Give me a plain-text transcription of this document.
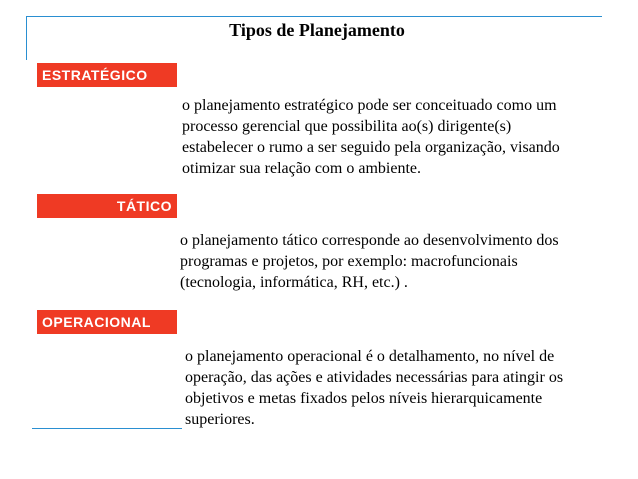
Tipos de Planejamento
ESTRATÉGICO
o planejamento estratégico pode ser conceituado como um
processo gerencial que possibilita ao(s) dirigente(s)
estabelecer o rumo a ser seguido pela organização, visando
otimizar sua relação com o ambiente.
TÁTICO
o planejamento tático corresponde ao desenvolvimento dos
programas e projetos, por exemplo: macrofuncionais
(tecnologia, informática, RH, etc.) .
OPERACIONAL
o planejamento operacional é o detalhamento, no nível de
operação, das ações e atividades necessárias para atingir os
objetivos e metas fixados pelos níveis hierarquicamente
superiores.
